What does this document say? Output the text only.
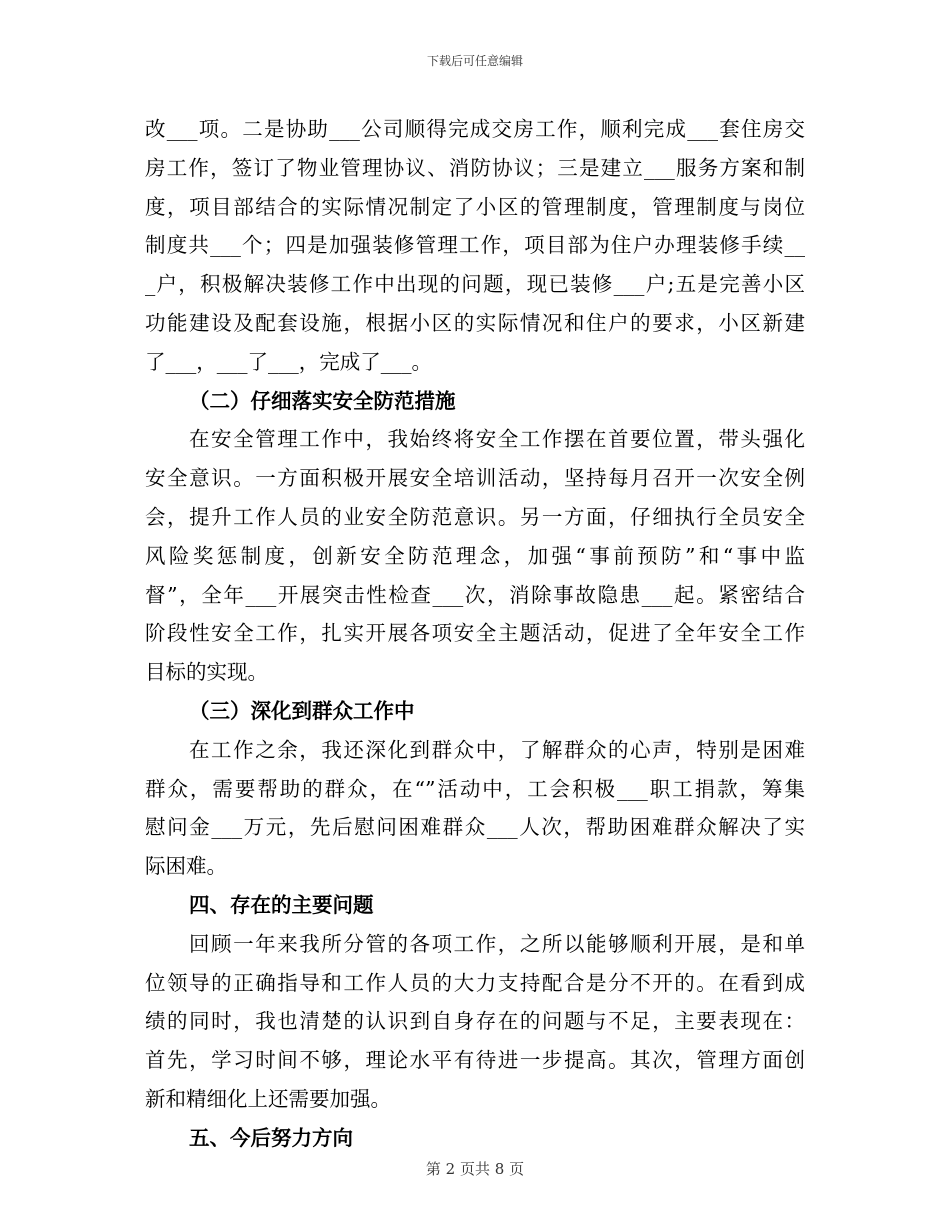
下载后可任意编辑
改___项。二是协助___公司顺得完成交房工作，顺利完成___套住房交
房工作，签订了物业管理协议、消防协议；三是建立___服务方案和制
度，项目部结合的实际情况制定了小区的管理制度，管理制度与岗位
制度共___个；四是加强装修管理工作，项目部为住户办理装修手续__
_户，积极解决装修工作中出现的问题，现已装修___户;五是完善小区
功能建设及配套设施，根据小区的实际情况和住户的要求，小区新建
了___，___了___，完成了___。
（二）仔细落实安全防范措施
在安全管理工作中，我始终将安全工作摆在首要位置，带头强化
安全意识。一方面积极开展安全培训活动，坚持每月召开一次安全例
会，提升工作人员的业安全防范意识。另一方面，仔细执行全员安全
风险奖惩制度，创新安全防范理念，加强“事前预防”和“事中监
督”，全年___开展突击性检查___次，消除事故隐患___起。紧密结合
阶段性安全工作，扎实开展各项安全主题活动，促进了全年安全工作
目标的实现。
（三）深化到群众工作中
在工作之余，我还深化到群众中，了解群众的心声，特别是困难
群众，需要帮助的群众，在“”活动中，工会积极___职工捐款，筹集
慰问金___万元，先后慰问困难群众___人次，帮助困难群众解决了实
际困难。
四、存在的主要问题
回顾一年来我所分管的各项工作，之所以能够顺利开展，是和单
位领导的正确指导和工作人员的大力支持配合是分不开的。在看到成
绩的同时，我也清楚的认识到自身存在的问题与不足，主要表现在：
首先，学习时间不够，理论水平有待进一步提高。其次，管理方面创
新和精细化上还需要加强。
五、今后努力方向
第 2 页共 8 页
